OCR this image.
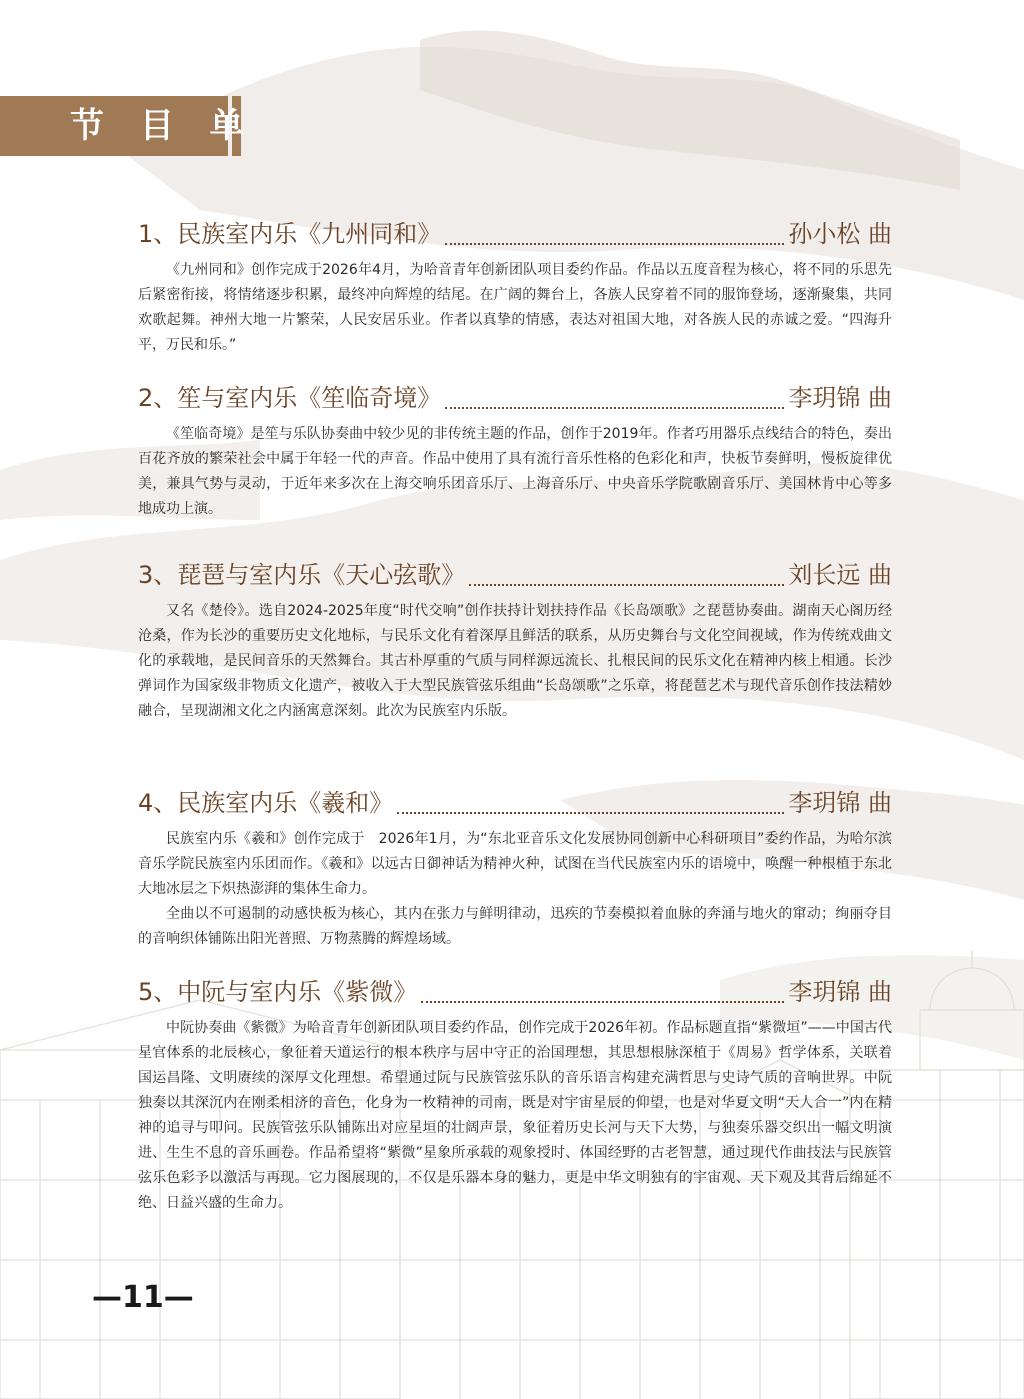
节 目 单
1、民族室内乐《九州同和》	孙小松 曲

《九州同和》创作完成于2026年4月，为哈音青年创新团队项目委约作品。作品以五度音程为核心，将不同的乐思先后紧密衔接，将情绪逐步积累，最终冲向辉煌的结尾。在广阔的舞台上，各族人民穿着不同的服饰登场，逐渐聚集，共同欢歌起舞。神州大地一片繁荣，人民安居乐业。作者以真挚的情感，表达对祖国大地，对各族人民的赤诚之爱。“四海升平，万民和乐。”

2、笙与室内乐《笙临奇境》	李玥锦 曲

《笙临奇境》是笙与乐队协奏曲中较少见的非传统主题的作品，创作于2019年。作者巧用器乐点线结合的特色，奏出百花齐放的繁荣社会中属于年轻一代的声音。作品中使用了具有流行音乐性格的色彩化和声，快板节奏鲜明，慢板旋律优美，兼具气势与灵动，于近年来多次在上海交响乐团音乐厅、上海音乐厅、中央音乐学院歌剧音乐厅、美国林肯中心等多地成功上演。

3、琵琶与室内乐《天心弦歌》	刘长远 曲

又名《楚伶》。选自2024-2025年度“时代交响”创作扶持计划扶持作品《长岛颂歌》之琵琶协奏曲。湖南天心阁历经沧桑，作为长沙的重要历史文化地标，与民乐文化有着深厚且鲜活的联系，从历史舞台与文化空间视域，作为传统戏曲文化的承载地，是民间音乐的天然舞台。其古朴厚重的气质与同样源远流长、扎根民间的民乐文化在精神内核上相通。长沙弹词作为国家级非物质文化遗产，被收入于大型民族管弦乐组曲“长岛颂歌”之乐章，将琵琶艺术与现代音乐创作技法精妙融合，呈现湖湘文化之内涵寓意深刻。此次为民族室内乐版。

4、民族室内乐《羲和》	李玥锦 曲

民族室内乐《羲和》创作完成于　2026年1月，为“东北亚音乐文化发展协同创新中心科研项目”委约作品，为哈尔滨音乐学院民族室内乐团而作。《羲和》以远古日御神话为精神火种，试图在当代民族室内乐的语境中，唤醒一种根植于东北大地冰层之下炽热澎湃的集体生命力。

全曲以不可遏制的动感快板为核心，其内在张力与鲜明律动，迅疾的节奏模拟着血脉的奔涌与地火的窜动；绚丽夺目的音响织体铺陈出阳光普照、万物蒸腾的辉煌场域。

5、中阮与室内乐《紫微》	李玥锦 曲

中阮协奏曲《紫微》为哈音青年创新团队项目委约作品，创作完成于2026年初。作品标题直指“紫微垣”——中国古代星官体系的北辰核心，象征着天道运行的根本秩序与居中守正的治国理想，其思想根脉深植于《周易》哲学体系，关联着国运昌隆、文明赓续的深厚文化理想。希望通过阮与民族管弦乐队的音乐语言构建充满哲思与史诗气质的音响世界。中阮独奏以其深沉内在刚柔相济的音色，化身为一枚精神的司南，既是对宇宙星辰的仰望，也是对华夏文明“天人合一”内在精神的追寻与叩问。民族管弦乐队铺陈出对应星垣的壮阔声景，象征着历史长河与天下大势，与独奏乐器交织出一幅文明演进、生生不息的音乐画卷。作品希望将“紫微”星象所承载的观象授时、体国经野的古老智慧，通过现代作曲技法与民族管弦乐色彩予以激活与再现。它力图展现的，不仅是乐器本身的魅力，更是中华文明独有的宇宙观、天下观及其背后绵延不绝、日益兴盛的生命力。

—11—
